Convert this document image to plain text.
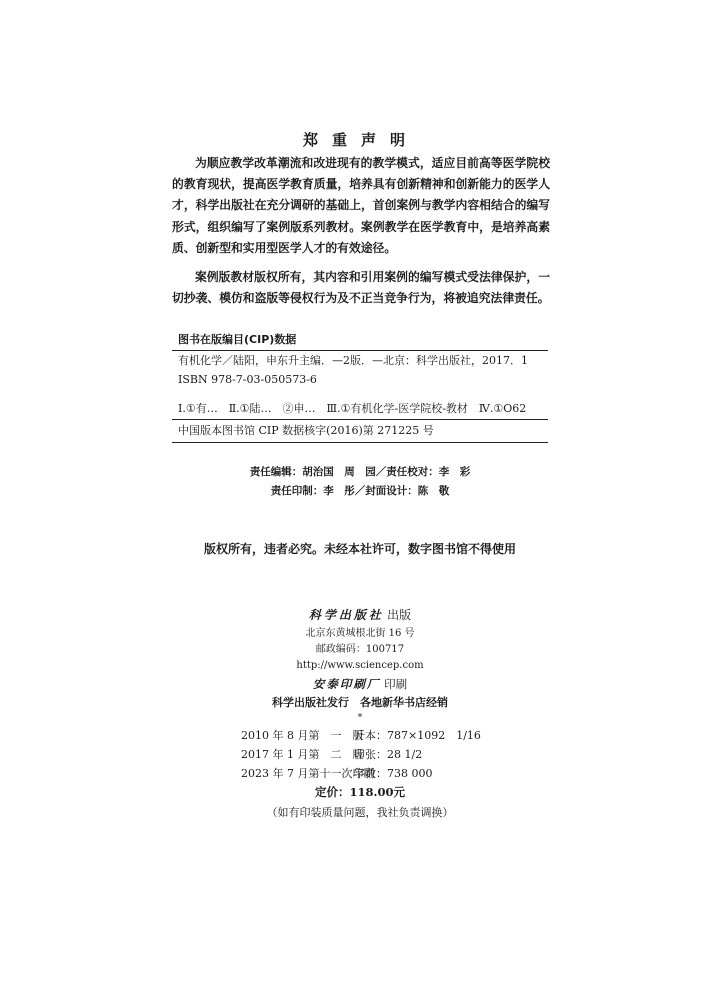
郑重声明

为顺应教学改革潮流和改进现有的教学模式，适应目前高等医学院校的教育现状，提高医学教育质量，培养具有创新精神和创新能力的医学人才，科学出版社在充分调研的基础上，首创案例与教学内容相结合的编写形式，组织编写了案例版系列教材。案例教学在医学教育中，是培养高素质、创新型和实用型医学人才的有效途径。

案例版教材版权所有，其内容和引用案例的编写模式受法律保护，一切抄袭、模仿和盗版等侵权行为及不正当竞争行为，将被追究法律责任。

图书在版编目(CIP)数据
有机化学／陆阳，申东升主编．—2版．—北京：科学出版社，2017．1
ISBN 978-7-03-050573-6
Ⅰ.①有…　Ⅱ.①陆…　②申…　Ⅲ.①有机化学-医学院校-教材　Ⅳ.①O62
中国版本图书馆 CIP 数据核字(2016)第 271225 号
责任编辑：胡治国　周　园／责任校对：李　彩
责任印制：李　彤／封面设计：陈　敬
版权所有，违者必究。未经本社许可，数字图书馆不得使用
科学出版社 出版
北京东黄城根北街 16 号
邮政编码：100717
http://www.sciencep.com
安泰印刷厂 印刷
科学出版社发行　各地新华书店经销
*
2010 年 8 月第　一　版开本：787×1092　1/16
2017 年 1 月第　二　版印张：28 1/2
2023 年 7 月第十一次印刷字数：738 000
定价：118.00元
（如有印装质量问题，我社负责调换）
